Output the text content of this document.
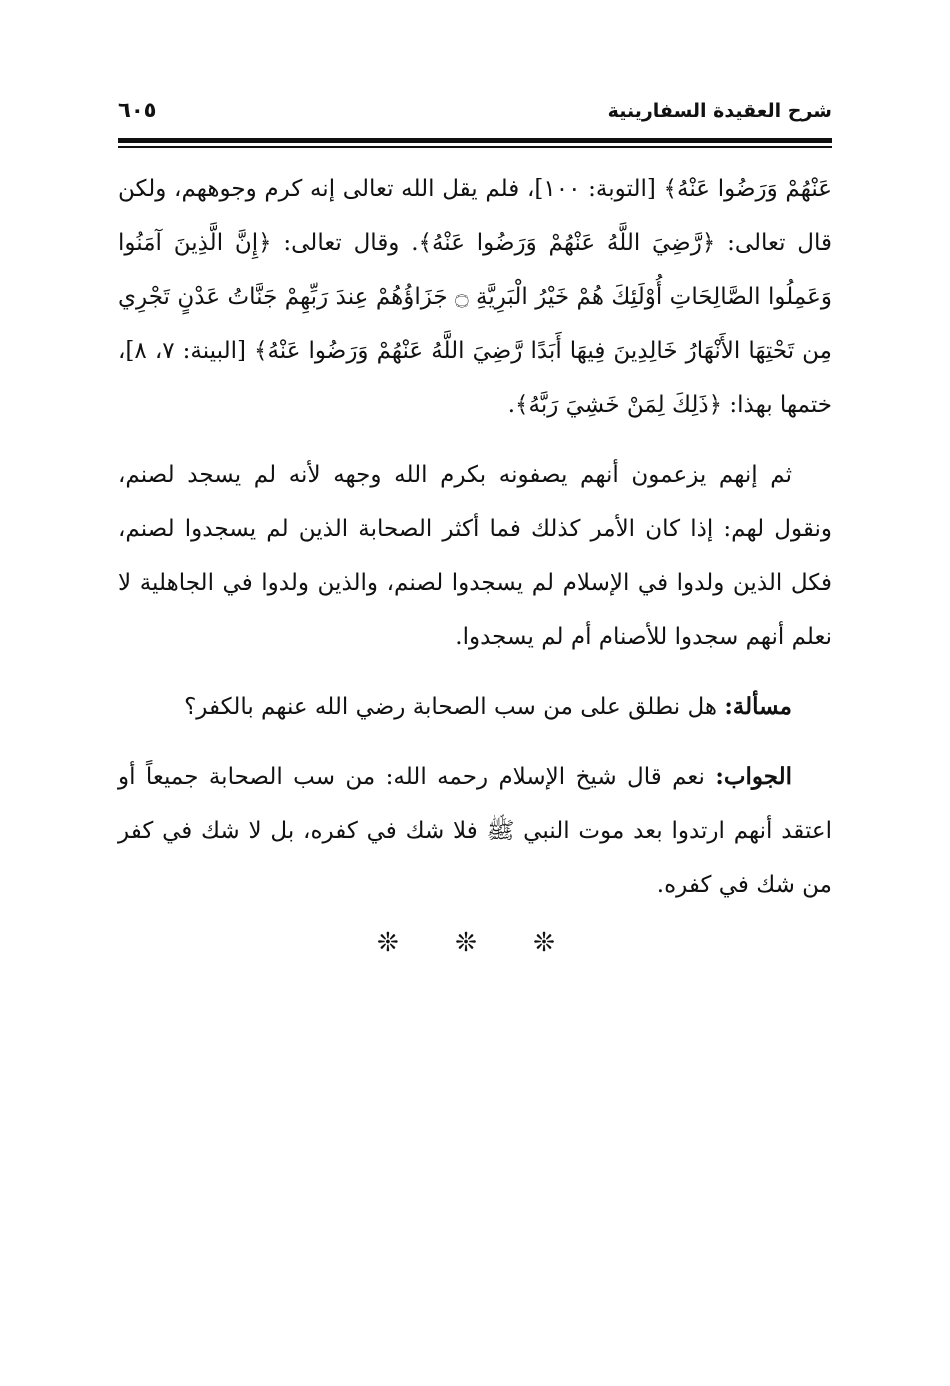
شرح العقيدة السفارينية
٦٠٥

عَنْهُمْ وَرَضُوا عَنْهُ﴾ [التوبة: ١٠٠]، فلم يقل الله تعالى إنه كرم وجوههم، ولكن قال تعالى: ﴿رَّضِيَ اللَّهُ عَنْهُمْ وَرَضُوا عَنْهُ﴾. وقال تعالى: ﴿إِنَّ الَّذِينَ آمَنُوا وَعَمِلُوا الصَّالِحَاتِ أُوْلَئِكَ هُمْ خَيْرُ الْبَرِيَّةِ ۝ جَزَاؤُهُمْ عِندَ رَبِّهِمْ جَنَّاتُ عَدْنٍ تَجْرِي مِن تَحْتِهَا الأَنْهَارُ خَالِدِينَ فِيهَا أَبَدًا رَّضِيَ اللَّهُ عَنْهُمْ وَرَضُوا عَنْهُ﴾ [البينة: ٧، ٨]، ختمها بهذا: ﴿ذَلِكَ لِمَنْ خَشِيَ رَبَّهُ﴾.

ثم إنهم يزعمون أنهم يصفونه بكرم الله وجهه لأنه لم يسجد لصنم، ونقول لهم: إذا كان الأمر كذلك فما أكثر الصحابة الذين لم يسجدوا لصنم، فكل الذين ولدوا في الإسلام لم يسجدوا لصنم، والذين ولدوا في الجاهلية لا نعلم أنهم سجدوا للأصنام أم لم يسجدوا.

مسألة: هل نطلق على من سب الصحابة رضي الله عنهم بالكفر؟

الجواب: نعم قال شيخ الإسلام رحمه الله: من سب الصحابة جميعاً أو اعتقد أنهم ارتدوا بعد موت النبي ﷺ فلا شك في كفره، بل لا شك في كفر من شك في كفره.

❊ ❊ ❊
